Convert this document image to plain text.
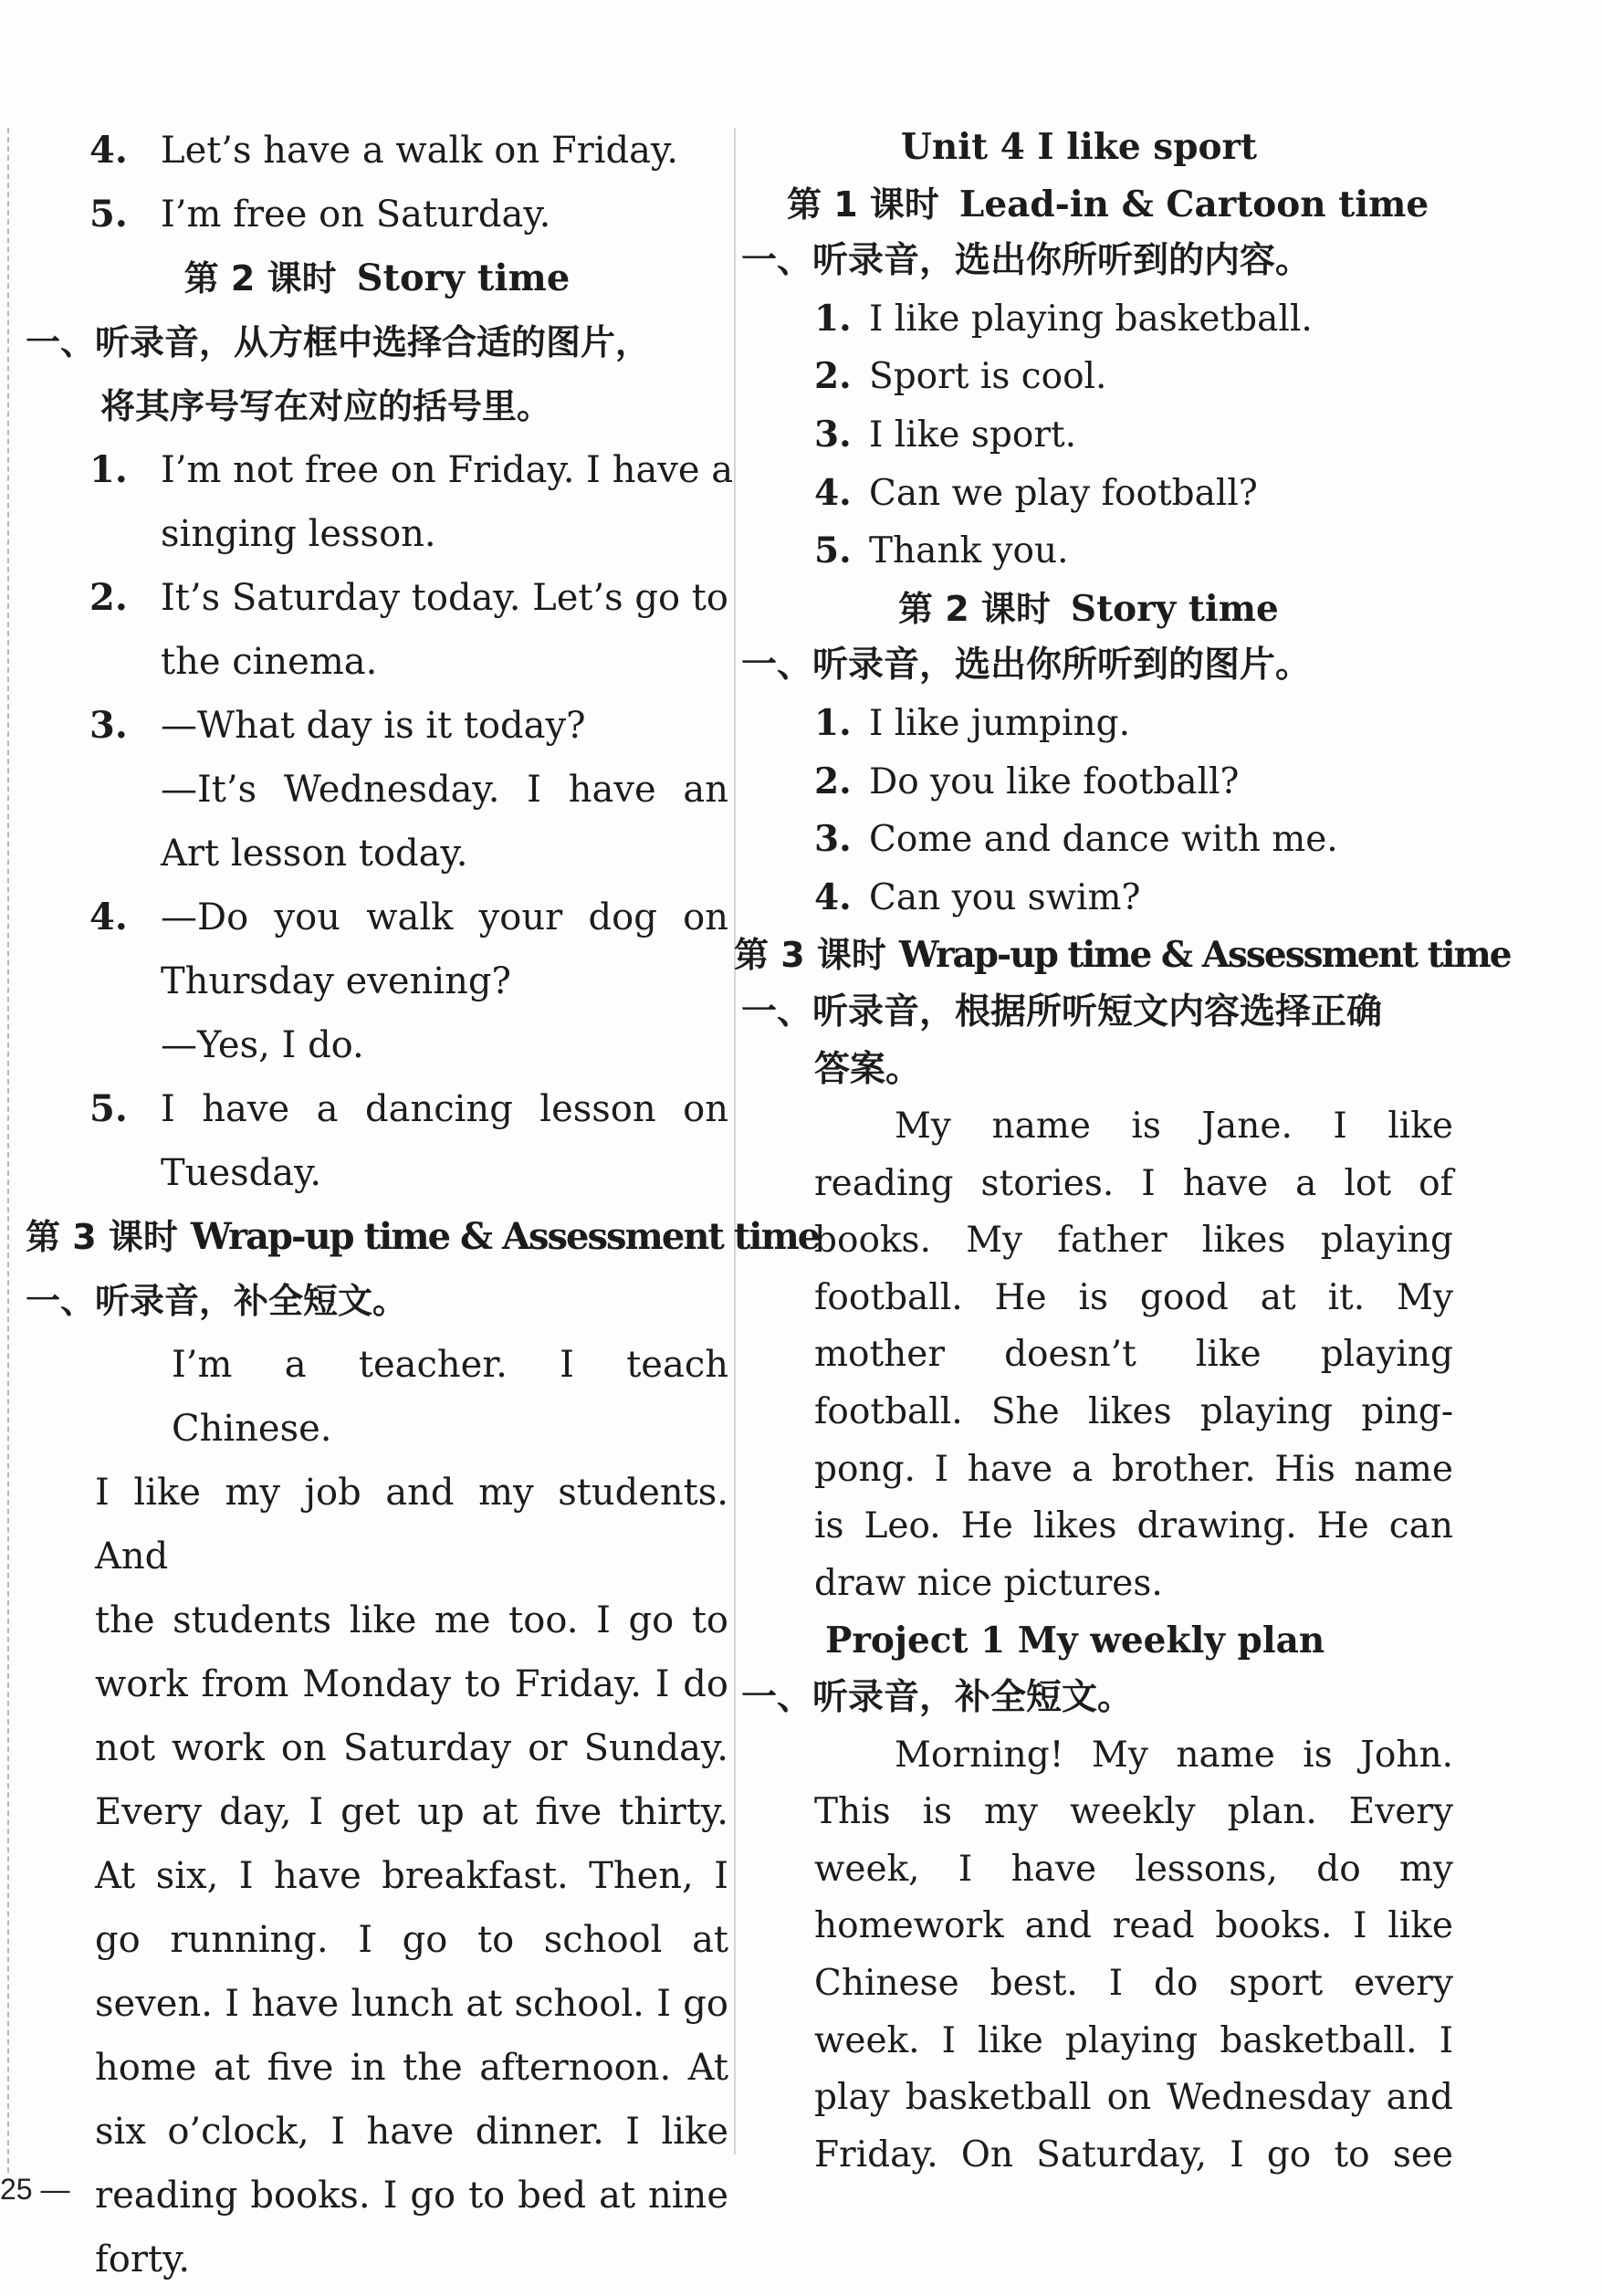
4. Let’s have a walk on Friday.
5. I’m free on Saturday.
第 2 课时 Story time
一、听录音，从方框中选择合适的图片，
将其序号写在对应的括号里。
1. I’m not free on Friday. I have a
singing lesson.
2. It’s Saturday today. Let’s go to
the cinema.
3. —What day is it today?
—It’s Wednesday. I have an
Art lesson today.
4. —Do you walk your dog on
Thursday evening?
—Yes, I do.
5. I have a dancing lesson on
Tuesday.
第 3 课时 Wrap-up time & Assessment time
一、听录音，补全短文。
I’m a teacher. I teach Chinese.
I like my job and my students. And
the students like me too. I go to
work from Monday to Friday. I do
not work on Saturday or Sunday.
Every day, I get up at five thirty.
At six, I have breakfast. Then, I
go running. I go to school at
seven. I have lunch at school. I go
home at five in the afternoon. At
six o’clock, I have dinner. I like
reading books. I go to bed at nine
forty.
Unit 4 I like sport
第 1 课时 Lead-in & Cartoon time
一、听录音，选出你所听到的内容。
1. I like playing basketball.
2. Sport is cool.
3. I like sport.
4. Can we play football?
5. Thank you.
第 2 课时 Story time
一、听录音，选出你所听到的图片。
1. I like jumping.
2. Do you like football?
3. Come and dance with me.
4. Can you swim?
第 3 课时 Wrap-up time & Assessment time
一、听录音，根据所听短文内容选择正确
答案。
My name is Jane. I like
reading stories. I have a lot of
books. My father likes playing
football. He is good at it. My
mother doesn’t like playing
football. She likes playing ping-
pong. I have a brother. His name
is Leo. He likes drawing. He can
draw nice pictures.
Project 1 My weekly plan
一、听录音，补全短文。
Morning! My name is John.
This is my weekly plan. Every
week, I have lessons, do my
homework and read books. I like
Chinese best. I do sport every
week. I like playing basketball. I
play basketball on Wednesday and
Friday. On Saturday, I go to see
25 —
